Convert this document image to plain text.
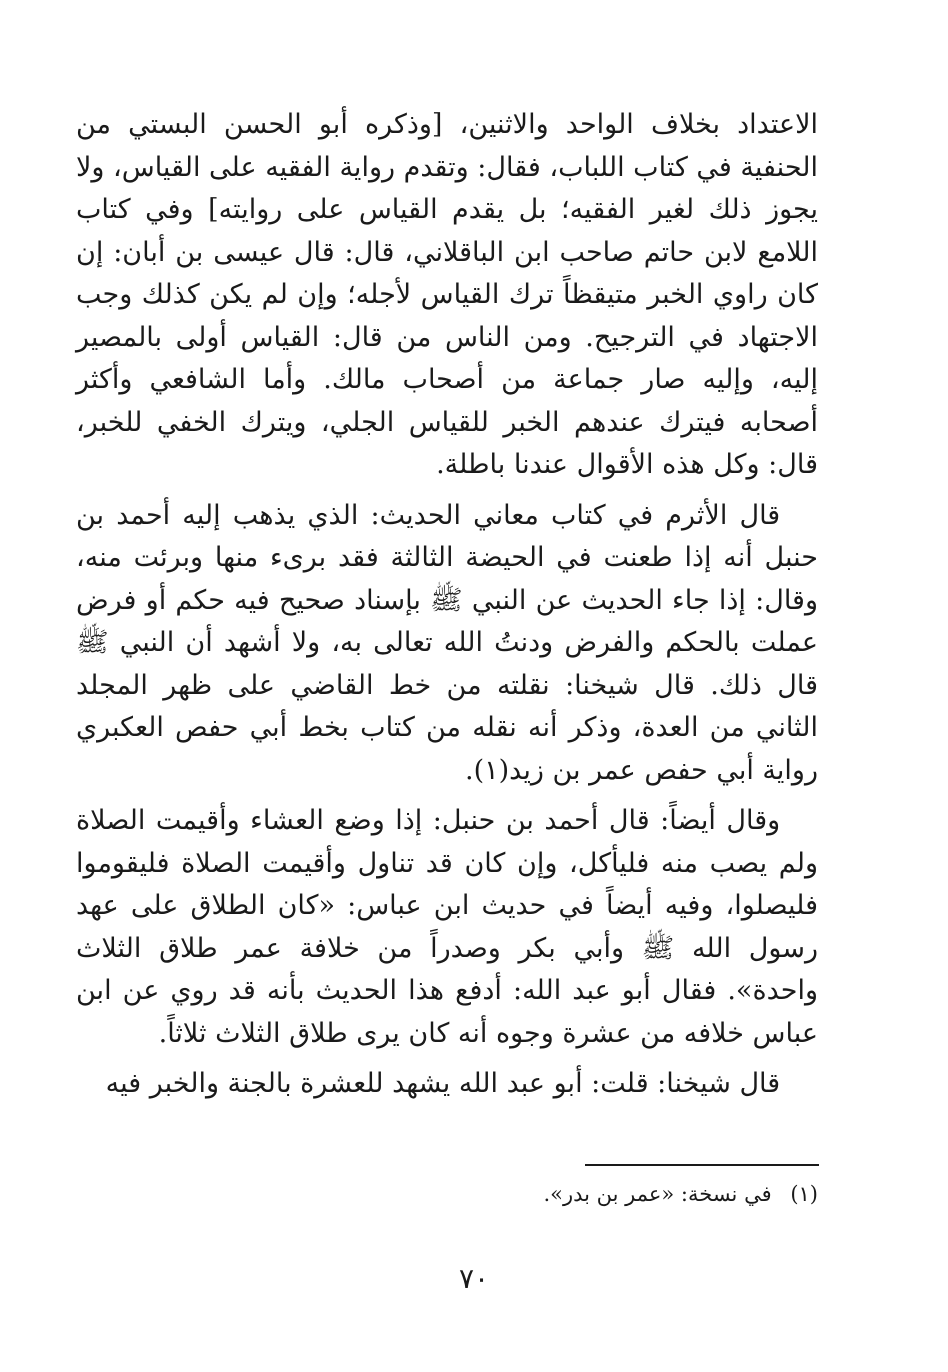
الاعتداد بخلاف الواحد والاثنين، [وذكره أبو الحسن البستي من الحنفية في كتاب اللباب، فقال: وتقدم رواية الفقيه على القياس، ولا يجوز ذلك لغير الفقيه؛ بل يقدم القياس على روايته] وفي كتاب اللامع لابن حاتم صاحب ابن الباقلاني، قال: قال عيسى بن أبان: إن كان راوي الخبر متيقظاً ترك القياس لأجله؛ وإن لم يكن كذلك وجب الاجتهاد في الترجيح. ومن الناس من قال: القياس أولى بالمصير إليه، وإليه صار جماعة من أصحاب مالك. وأما الشافعي وأكثر أصحابه فيترك عندهم الخبر للقياس الجلي، ويترك الخفي للخبر، قال: وكل هذه الأقوال عندنا باطلة.

قال الأثرم في كتاب معاني الحديث: الذي يذهب إليه أحمد بن حنبل أنه إذا طعنت في الحيضة الثالثة فقد برىء منها وبرئت منه، وقال: إذا جاء الحديث عن النبي ﷺ بإسناد صحيح فيه حكم أو فرض عملت بالحكم والفرض ودنتُ الله تعالى به، ولا أشهد أن النبي ﷺ قال ذلك. قال شيخنا: نقلته من خط القاضي على ظهر المجلد الثاني من العدة، وذكر أنه نقله من كتاب بخط أبي حفص العكبري رواية أبي حفص عمر بن زيد(١).

وقال أيضاً: قال أحمد بن حنبل: إذا وضع العشاء وأقيمت الصلاة ولم يصب منه فليأكل، وإن كان قد تناول وأقيمت الصلاة فليقوموا فليصلوا، وفيه أيضاً في حديث ابن عباس: «كان الطلاق على عهد رسول الله ﷺ وأبي بكر وصدراً من خلافة عمر طلاق الثلاث واحدة». فقال أبو عبد الله: أدفع هذا الحديث بأنه قد روي عن ابن عباس خلافه من عشرة وجوه أنه كان يرى طلاق الثلاث ثلاثاً.

قال شيخنا: قلت: أبو عبد الله يشهد للعشرة بالجنة والخبر فيه

(١) في نسخة: «عمر بن بدر».
٧٠
